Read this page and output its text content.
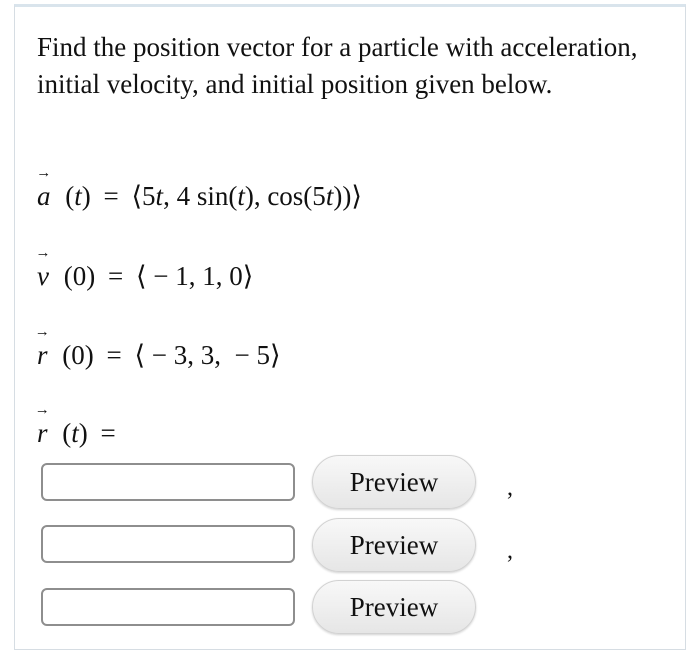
Find the position vector for a particle with acceleration, initial velocity, and initial position given below.
→ a (t) = ⟨5t, 4 sin(t), cos(5t))⟩
→ v (0) = ⟨ − 1, 1, 0⟩
→ r (0) = ⟨ − 3, 3,  − 5⟩
→ r (t) =
Preview	,
Preview	,
Preview
